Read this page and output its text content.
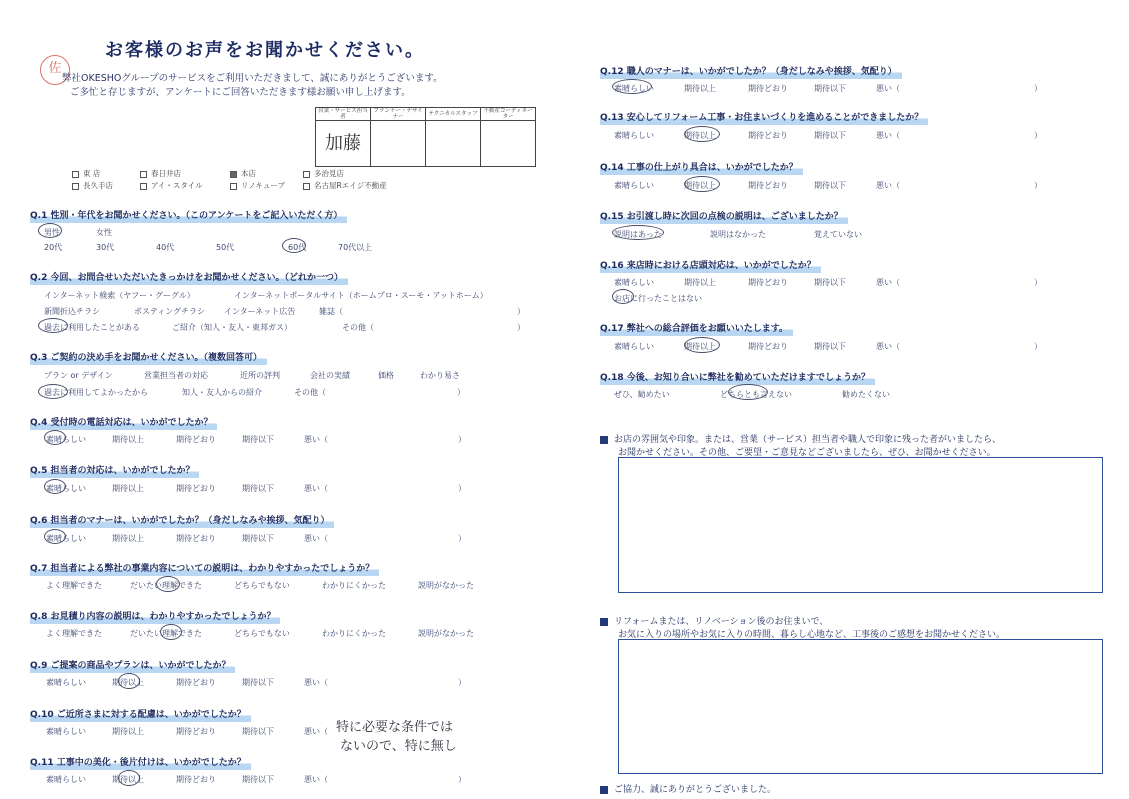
お客様のお声をお聞かせください。
佐
弊社OKESHOグループのサービスをご利用いただきまして、誠にありがとうございます。
ご多忙と存じますが、アンケートにご回答いただきます様お願い申し上げます。
営業・サービス担当者	プランナー・デザイナー	テクニカルスタッフ	不動産コーディネーター
加藤			
東 店	春日井店	本店	多治見店
長久手店	アイ・スタイル	リノキューブ	名古屋Rエイジ不動産
Q.1 性別・年代をお聞かせください。（このアンケートをご記入いただく方）
男性	女性
20代	30代	40代	50代	60代	70代以上
Q.2 今回、お問合せいただいたきっかけをお聞かせください。（どれか一つ）
インターネット検索（ヤフー・グーグル）	インターネットポータルサイト（ホームプロ・スーモ・アットホーム）
新聞折込チラシ	ポスティングチラシ インターネット広告	雑誌（	）
過去に利用したことがある	ご紹介（知人・友人・東邦ガス）	その他（	）
Q.3 ご契約の決め手をお聞かせください。（複数回答可）
プラン or デザイン	営業担当者の対応	近所の評判	会社の実績	価格	わかり易さ
過去に利用してよかったから	知人・友人からの紹介	その他（	）
Q.4 受付時の電話対応は、いかがでしたか？
素晴らしい	期待以上	期待どおり	期待以下	悪い（	）
Q.5 担当者の対応は、いかがでしたか？
素晴らしい	期待以上	期待どおり	期待以下	悪い（	）
Q.6 担当者のマナーは、いかがでしたか？（身だしなみや挨拶、気配り）
素晴らしい	期待以上	期待どおり	期待以下	悪い（	）
Q.7 担当者による弊社の事業内容についての説明は、わかりやすかったでしょうか？
よく理解できた	だいたい理解できた	どちらでもない	わかりにくかった	説明がなかった
Q.8 お見積り内容の説明は、わかりやすかったでしょうか？
よく理解できた	だいたい理解できた	どちらでもない	わかりにくかった	説明がなかった
Q.9 ご提案の商品やプランは、いかがでしたか？
素晴らしい	期待以上	期待どおり	期待以下	悪い（	）
Q.10 ご近所さまに対する配慮は、いかがでしたか？
素晴らしい	期待以上	期待どおり	期待以下	悪い（ 特に必要な条件では
ないので、特に無し
Q.11 工事中の美化・後片付けは、いかがでしたか？
素晴らしい	期待以上	期待どおり	期待以下	悪い（	）
Q.12 職人のマナーは、いかがでしたか？（身だしなみや挨拶、気配り）
素晴らしい	期待以上	期待どおり	期待以下	悪い（	）
Q.13 安心してリフォーム工事・お住まいづくりを進めることができましたか？
素晴らしい	期待以上	期待どおり	期待以下	悪い（	）
Q.14 工事の仕上がり具合は、いかがでしたか？
素晴らしい	期待以上	期待どおり	期待以下	悪い（	）
Q.15 お引渡し時に次回の点検の説明は、ございましたか？
説明はあった	説明はなかった	覚えていない
Q.16 来店時における店頭対応は、いかがでしたか？
素晴らしい	期待以上	期待どおり	期待以下	悪い（	）
お店に行ったことはない
Q.17 弊社への総合評価をお願いいたします。
素晴らしい	期待以上	期待どおり	期待以下	悪い（	）
Q.18 今後、お知り合いに弊社を勧めていただけますでしょうか？
ぜひ、勧めたい	どちらとも言えない	勧めたくない
お店の雰囲気や印象。または、営業（サービス）担当者や職人で印象に残った者がいましたら、
お聞かせください。その他、ご要望・ご意見などございましたら、ぜひ、お聞かせください。
リフォームまたは、リノベーション後のお住まいで、
お気に入りの場所やお気に入りの時間、暮らし心地など、工事後のご感想をお聞かせください。
ご協力、誠にありがとうございました。
